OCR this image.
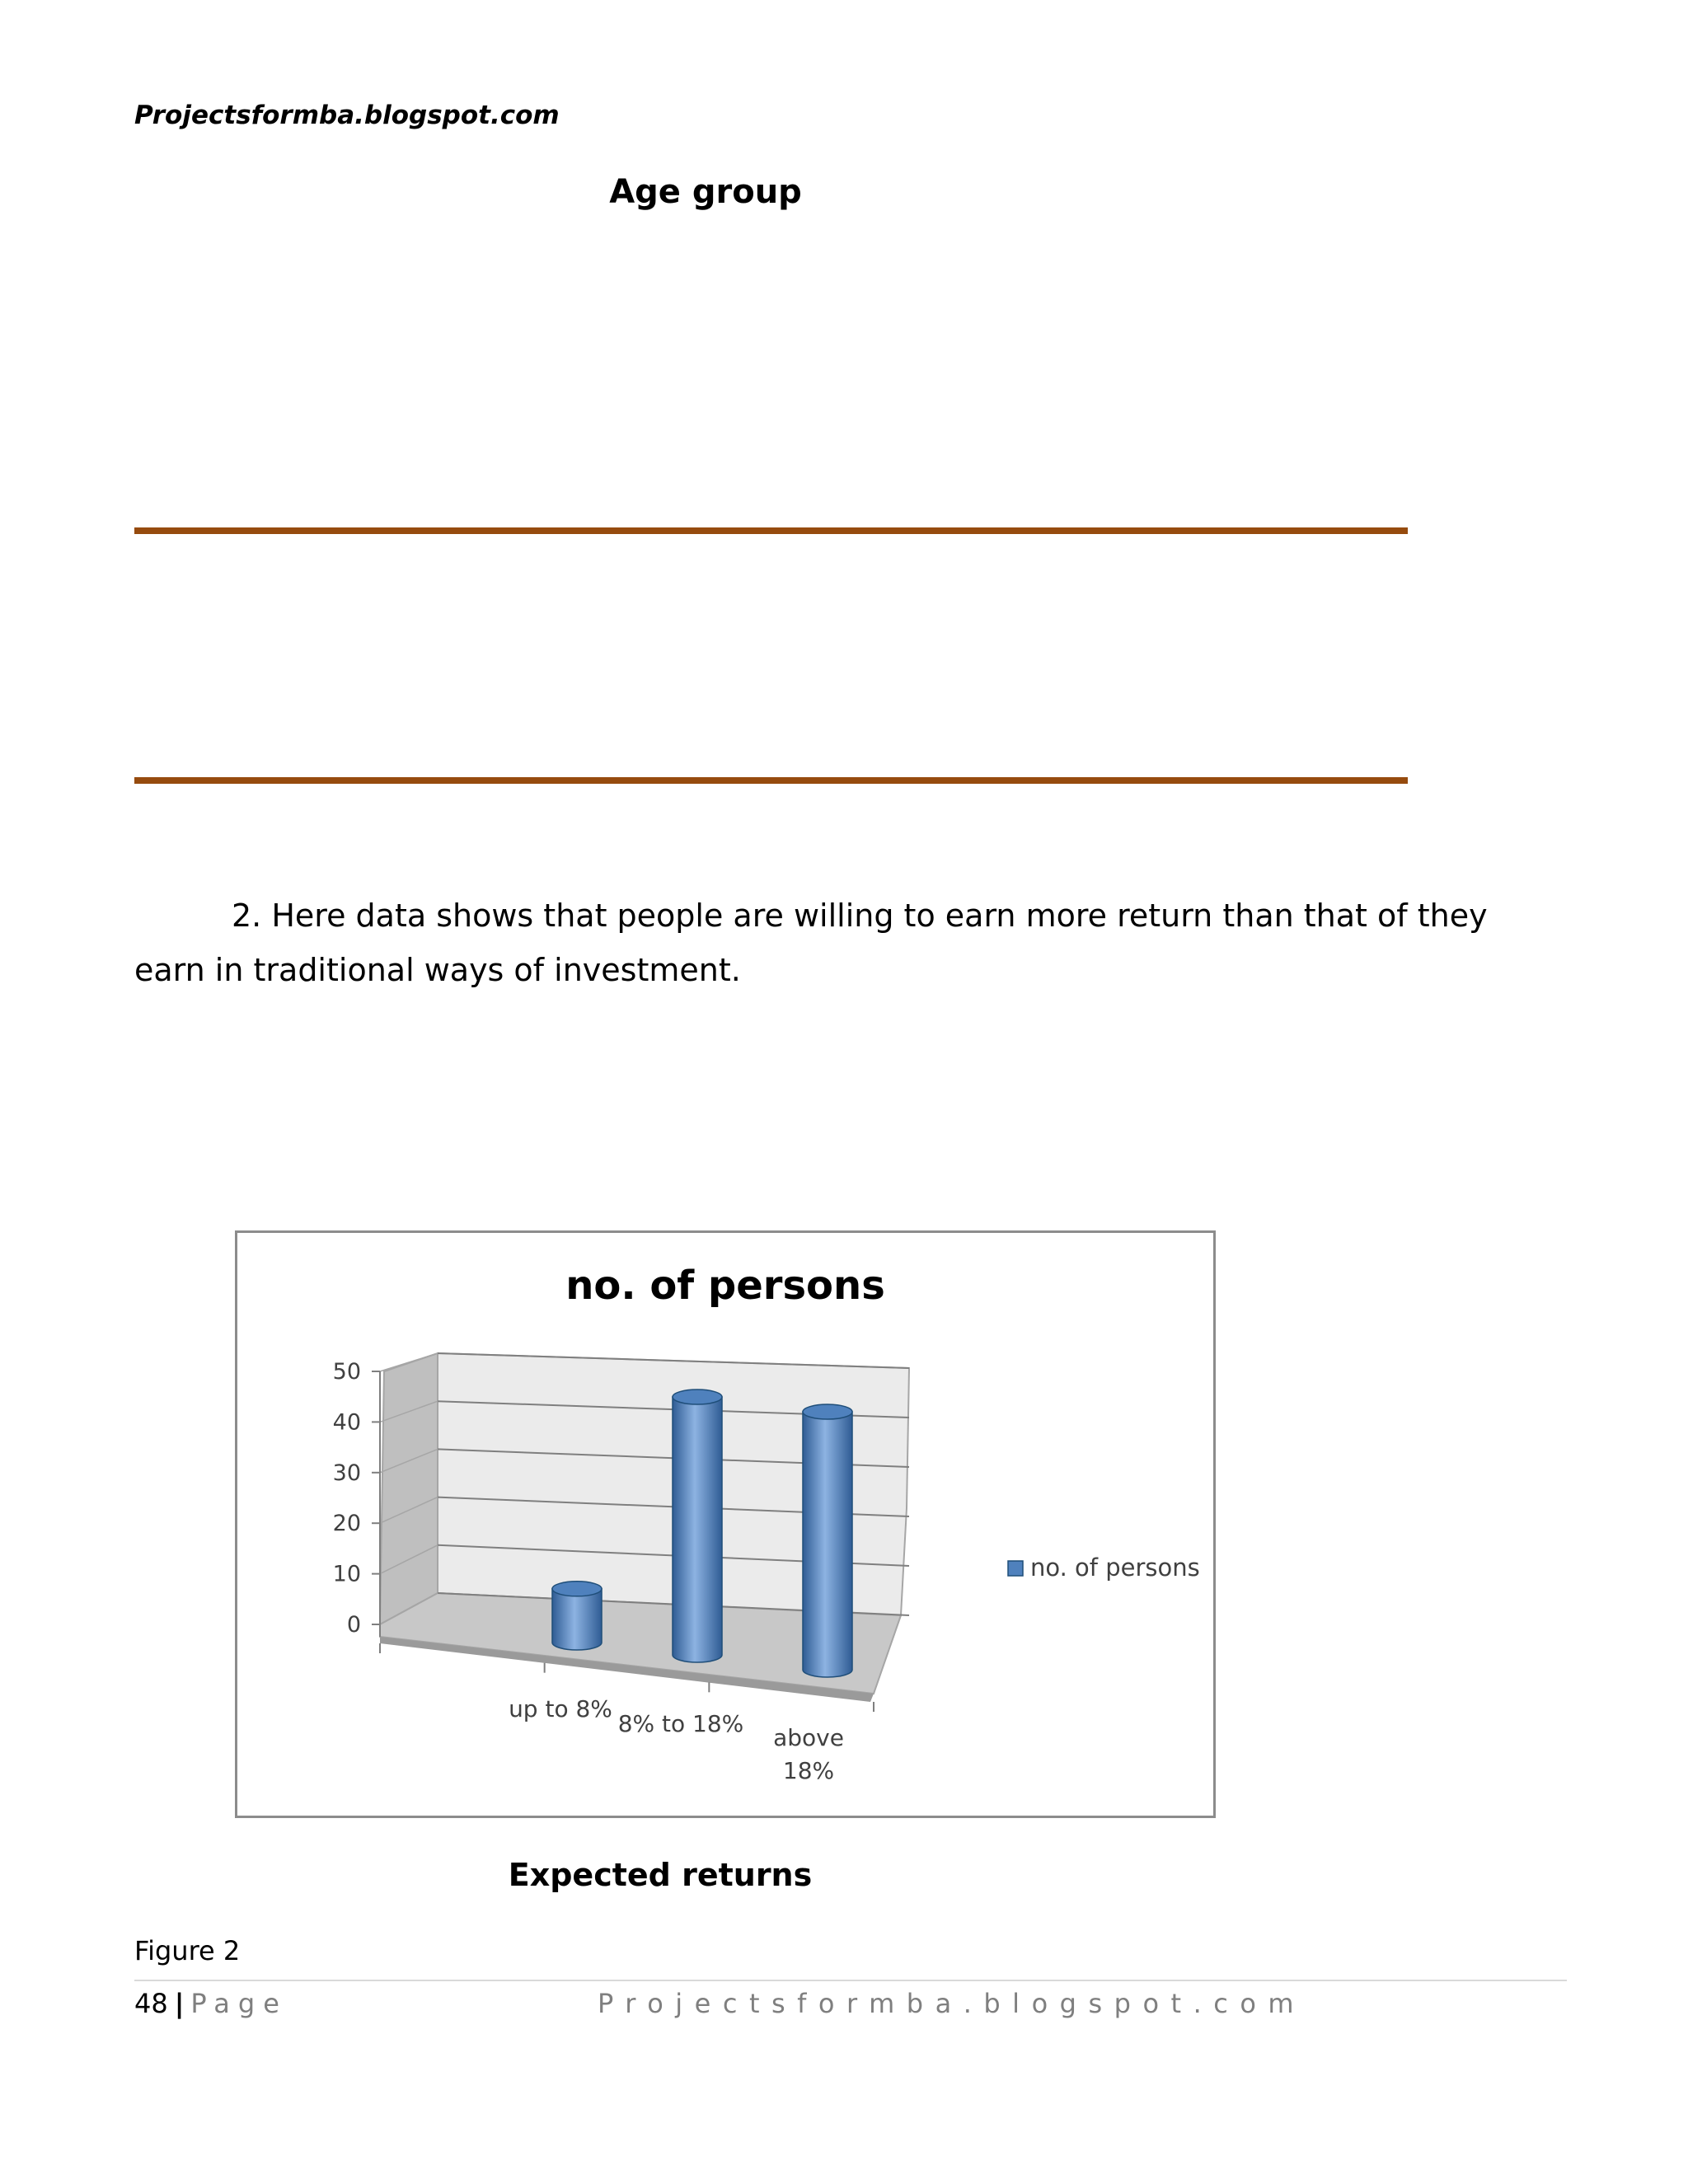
Projectsformba.blogspot.com
Age group
2. Here data shows that people are willing to earn more return than that of they earn in traditional ways of investment.
no. of persons
0
10
20
30
40
50
up to 8%
8% to 18%
above
18%
no. of persons
Expected returns
Figure 2
48 | Page	Projectsformba.blogspot.com
